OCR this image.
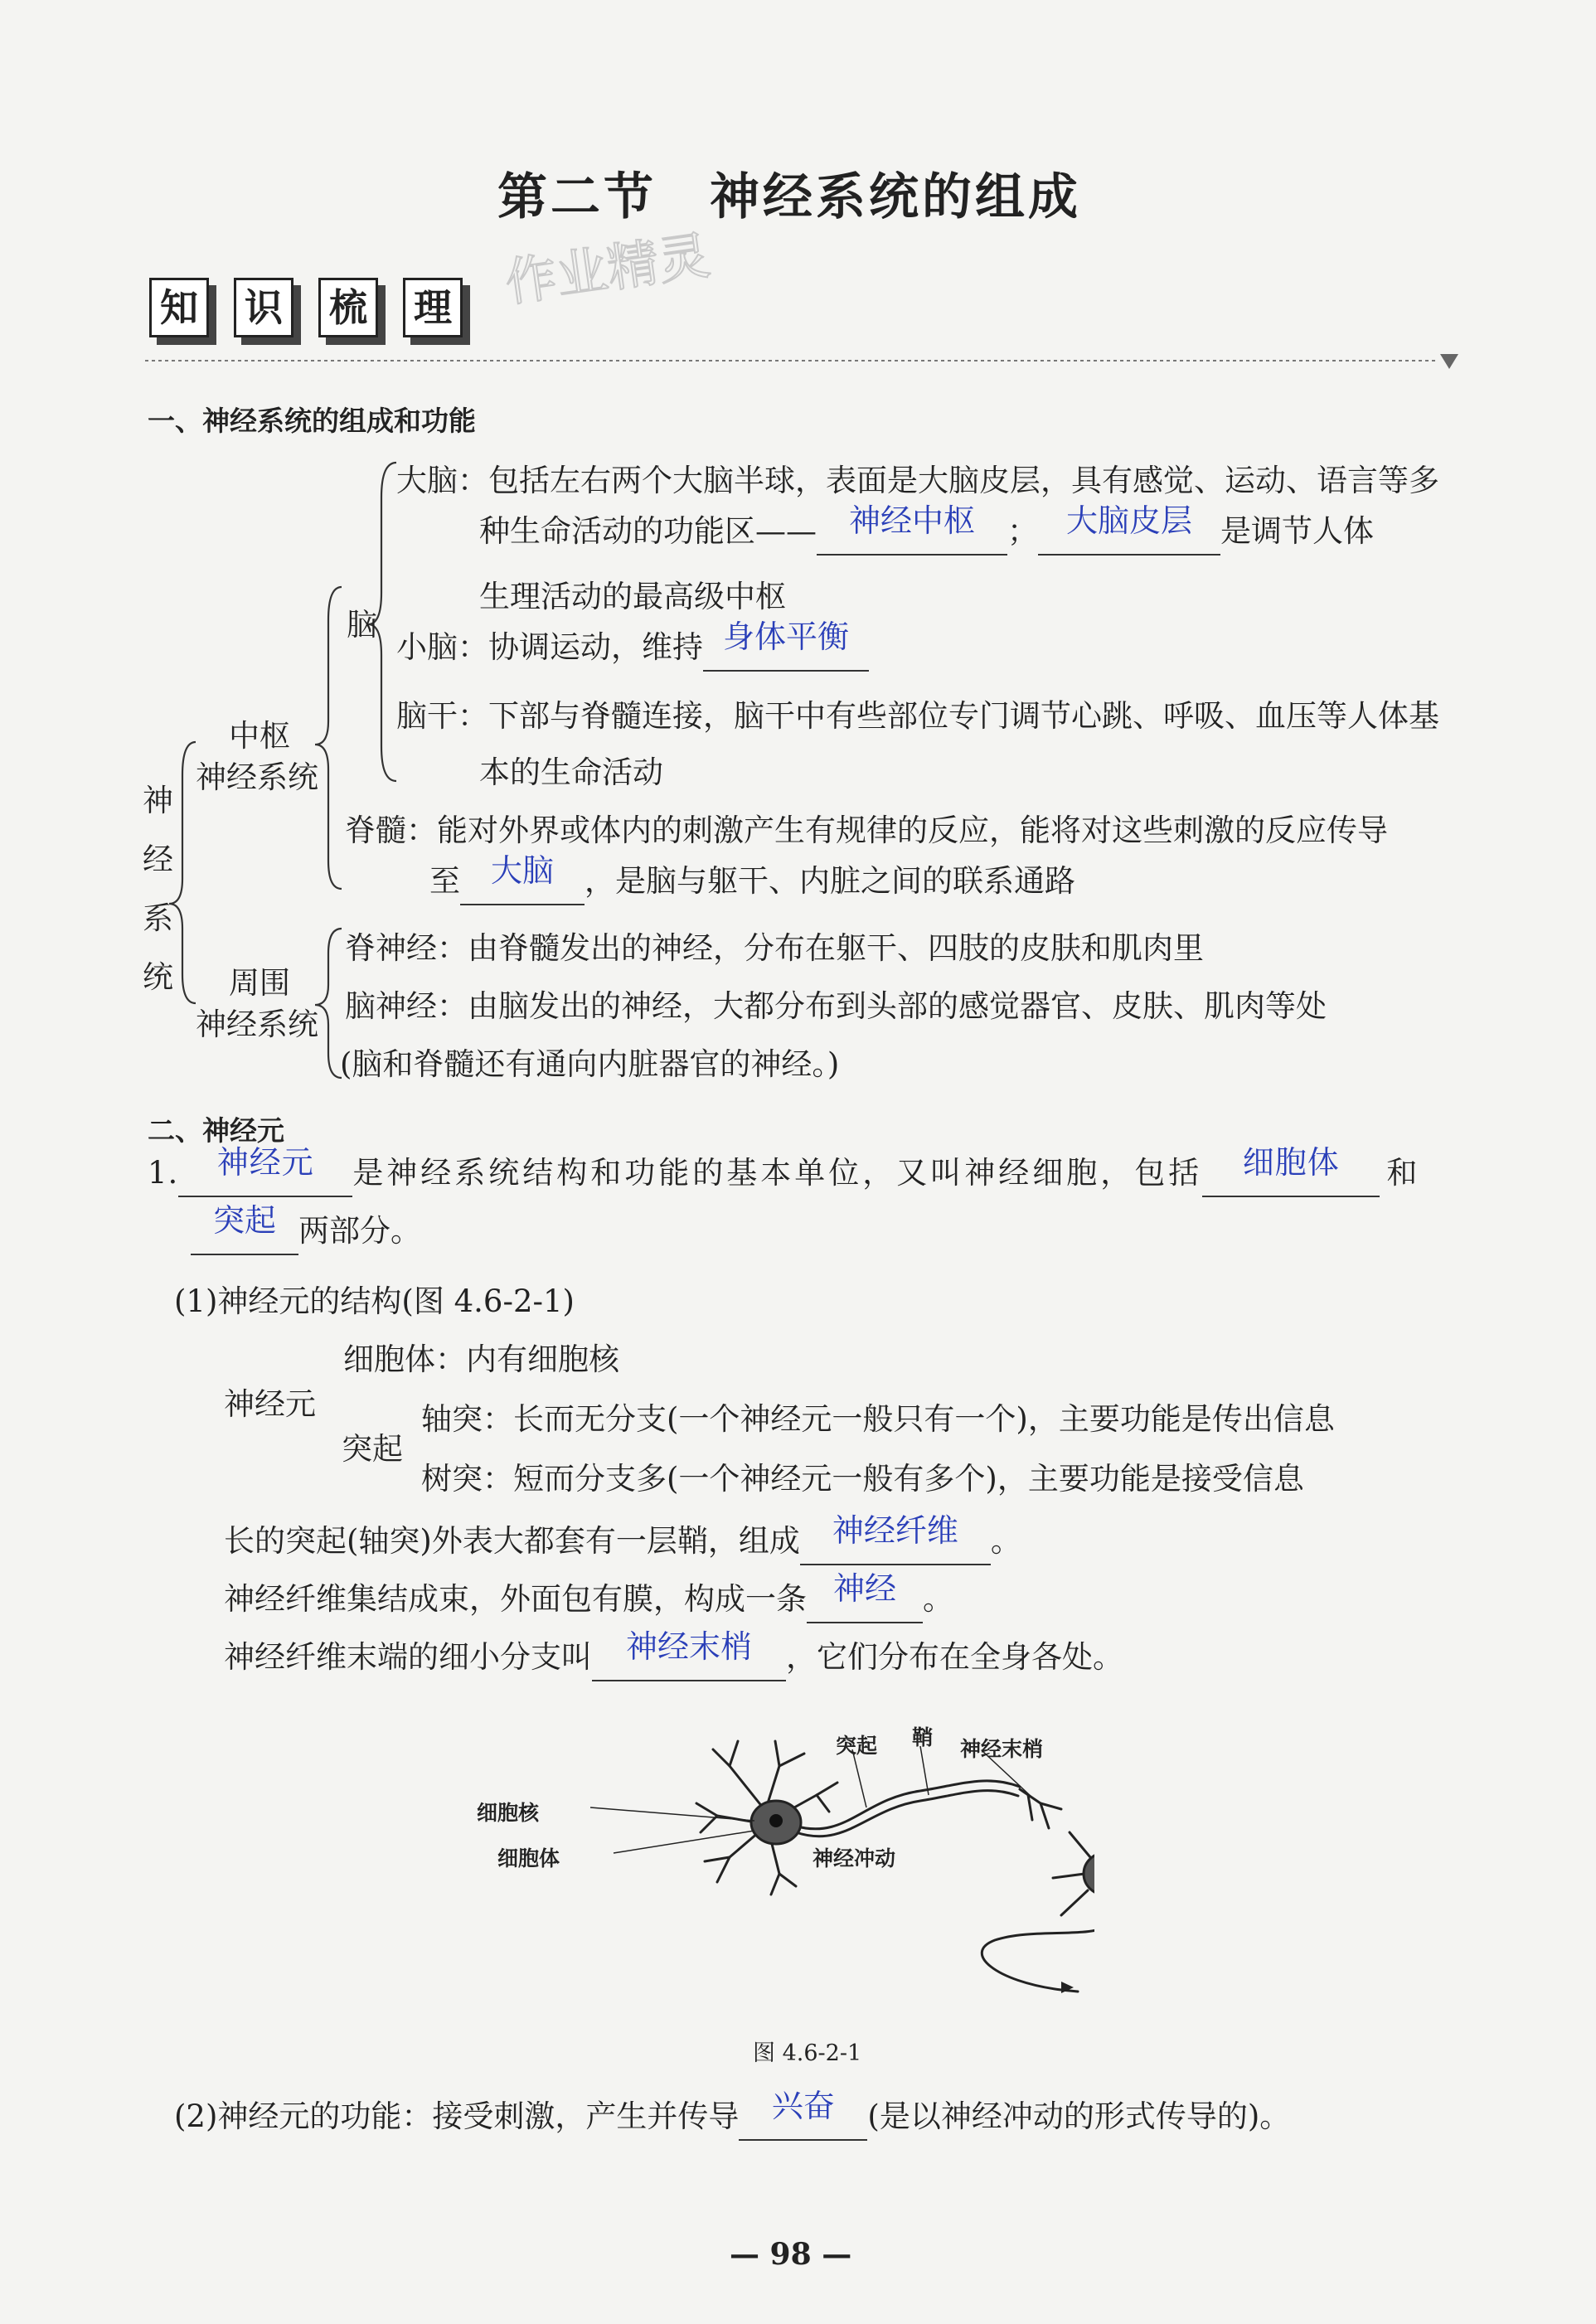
第二节　神经系统的组成
作业精灵
知 识 梳 理
一、神经系统的组成和功能
神经系统
中枢
神经系统
周围
神经系统
脑
大脑：包括左右两个大脑半球，表面是大脑皮层，具有感觉、运动、语言等多
种生命活动的功能区—— 神经中枢 ； 大脑皮层 是调节人体
生理活动的最高级中枢
小脑：协调运动，维持 身体平衡
脑干：下部与脊髓连接，脑干中有些部位专门调节心跳、呼吸、血压等人体基
本的生命活动
脊髓：能对外界或体内的刺激产生有规律的反应，能将对这些刺激的反应传导
至 大脑 ，是脑与躯干、内脏之间的联系通路
脊神经：由脊髓发出的神经，分布在躯干、四肢的皮肤和肌肉里
脑神经：由脑发出的神经，大都分布到头部的感觉器官、皮肤、肌肉等处
(脑和脊髓还有通向内脏器官的神经。)
二、神经元
1. 神经元 是神经系统结构和功能的基本单位，又叫神经细胞，包括 细胞体 和
突起 两部分。
(1)神经元的结构(图 4.6-2-1)
神经元
细胞体：内有细胞核
突起
轴突：长而无分支(一个神经元一般只有一个)，主要功能是传出信息
树突：短而分支多(一个神经元一般有多个)，主要功能是接受信息
长的突起(轴突)外表大都套有一层鞘，组成 神经纤维 。
神经纤维集结成束，外面包有膜，构成一条 神经 。
神经纤维末端的细小分支叫 神经末梢 ，它们分布在全身各处。
细胞核
细胞体
突起 鞘 神经末梢
神经冲动
图 4.6-2-1
(2)神经元的功能：接受刺激，产生并传导 兴奋 (是以神经冲动的形式传导的)。
— 98 —
